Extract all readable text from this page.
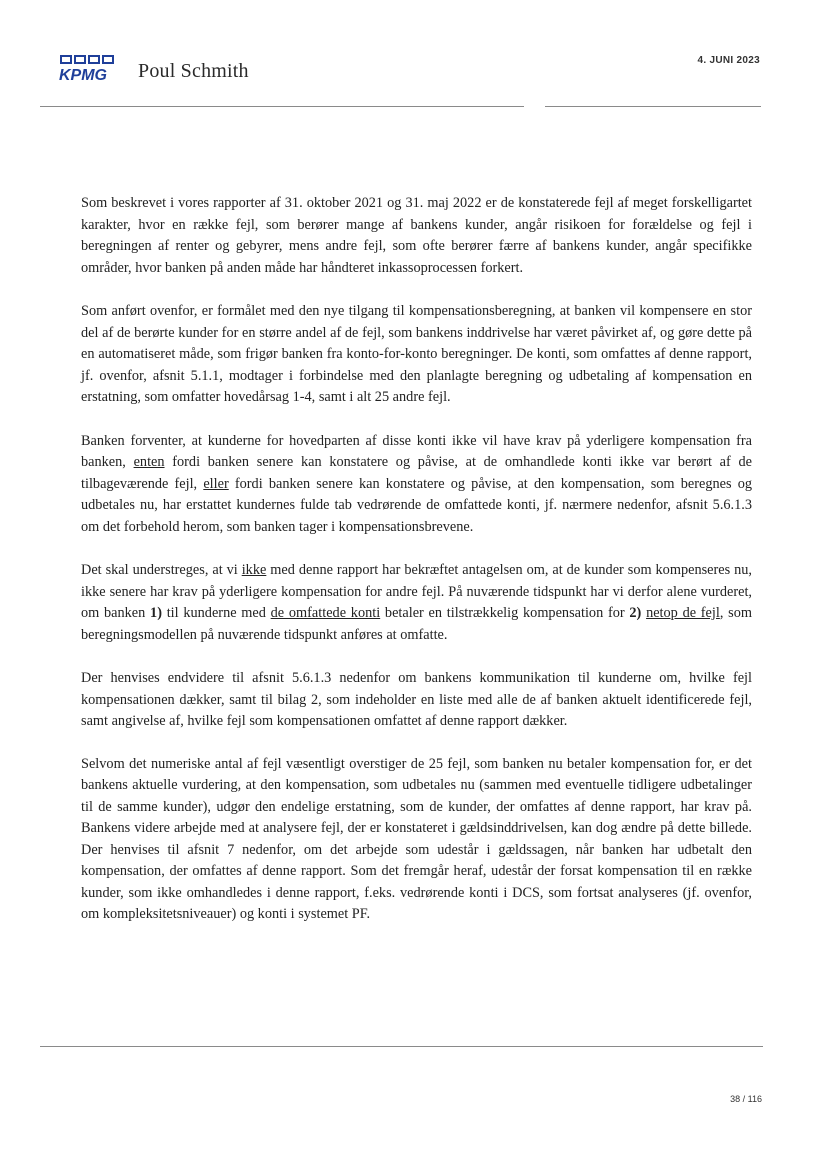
KPMG Poul Schmith	4. JUNI 2023

Som beskrevet i vores rapporter af 31. oktober 2021 og 31. maj 2022 er de konstaterede fejl af meget forskelligartet karakter, hvor en række fejl, som berører mange af bankens kunder, angår risikoen for forældelse og fejl i beregningen af renter og gebyrer, mens andre fejl, som ofte berører færre af bankens kunder, angår specifikke områder, hvor banken på anden måde har håndteret inkassoprocessen forkert.

Som anført ovenfor, er formålet med den nye tilgang til kompensationsberegning, at banken vil kompensere en stor del af de berørte kunder for en større andel af de fejl, som bankens inddrivelse har været påvirket af, og gøre dette på en automatiseret måde, som frigør banken fra konto-for-konto beregninger. De konti, som omfattes af denne rapport, jf. ovenfor, afsnit 5.1.1, modtager i forbindelse med den planlagte beregning og udbetaling af kompensation en erstatning, som omfatter hovedårsag 1-4, samt i alt 25 andre fejl.

Banken forventer, at kunderne for hovedparten af disse konti ikke vil have krav på yderligere kompensation fra banken, enten fordi banken senere kan konstatere og påvise, at de omhandlede konti ikke var berørt af de tilbageværende fejl, eller fordi banken senere kan konstatere og påvise, at den kompensation, som beregnes og udbetales nu, har erstattet kundernes fulde tab vedrørende de omfattede konti, jf. nærmere nedenfor, afsnit 5.6.1.3 om det forbehold herom, som banken tager i kompensationsbrevene.

Det skal understreges, at vi ikke med denne rapport har bekræftet antagelsen om, at de kunder som kompenseres nu, ikke senere har krav på yderligere kompensation for andre fejl. På nuværende tidspunkt har vi derfor alene vurderet, om banken 1) til kunderne med de omfattede konti betaler en tilstrækkelig kompensation for 2) netop de fejl, som beregningsmodellen på nuværende tidspunkt anføres at omfatte.

Der henvises endvidere til afsnit 5.6.1.3 nedenfor om bankens kommunikation til kunderne om, hvilke fejl kompensationen dækker, samt til bilag 2, som indeholder en liste med alle de af banken aktuelt identificerede fejl, samt angivelse af, hvilke fejl som kompensationen omfattet af denne rapport dækker.

Selvom det numeriske antal af fejl væsentligt overstiger de 25 fejl, som banken nu betaler kompensation for, er det bankens aktuelle vurdering, at den kompensation, som udbetales nu (sammen med eventuelle tidligere udbetalinger til de samme kunder), udgør den endelige erstatning, som de kunder, der omfattes af denne rapport, har krav på. Bankens videre arbejde med at analysere fejl, der er konstateret i gældsinddrivelsen, kan dog ændre på dette billede. Der henvises til afsnit 7 nedenfor, om det arbejde som udestår i gældssagen, når banken har udbetalt den kompensation, der omfattes af denne rapport. Som det fremgår heraf, udestår der forsat kompensation til en række kunder, som ikke omhandledes i denne rapport, f.eks. vedrørende konti i DCS, som fortsat analyseres (jf. ovenfor, om kompleksitetsniveauer) og konti i systemet PF.

38 / 116
